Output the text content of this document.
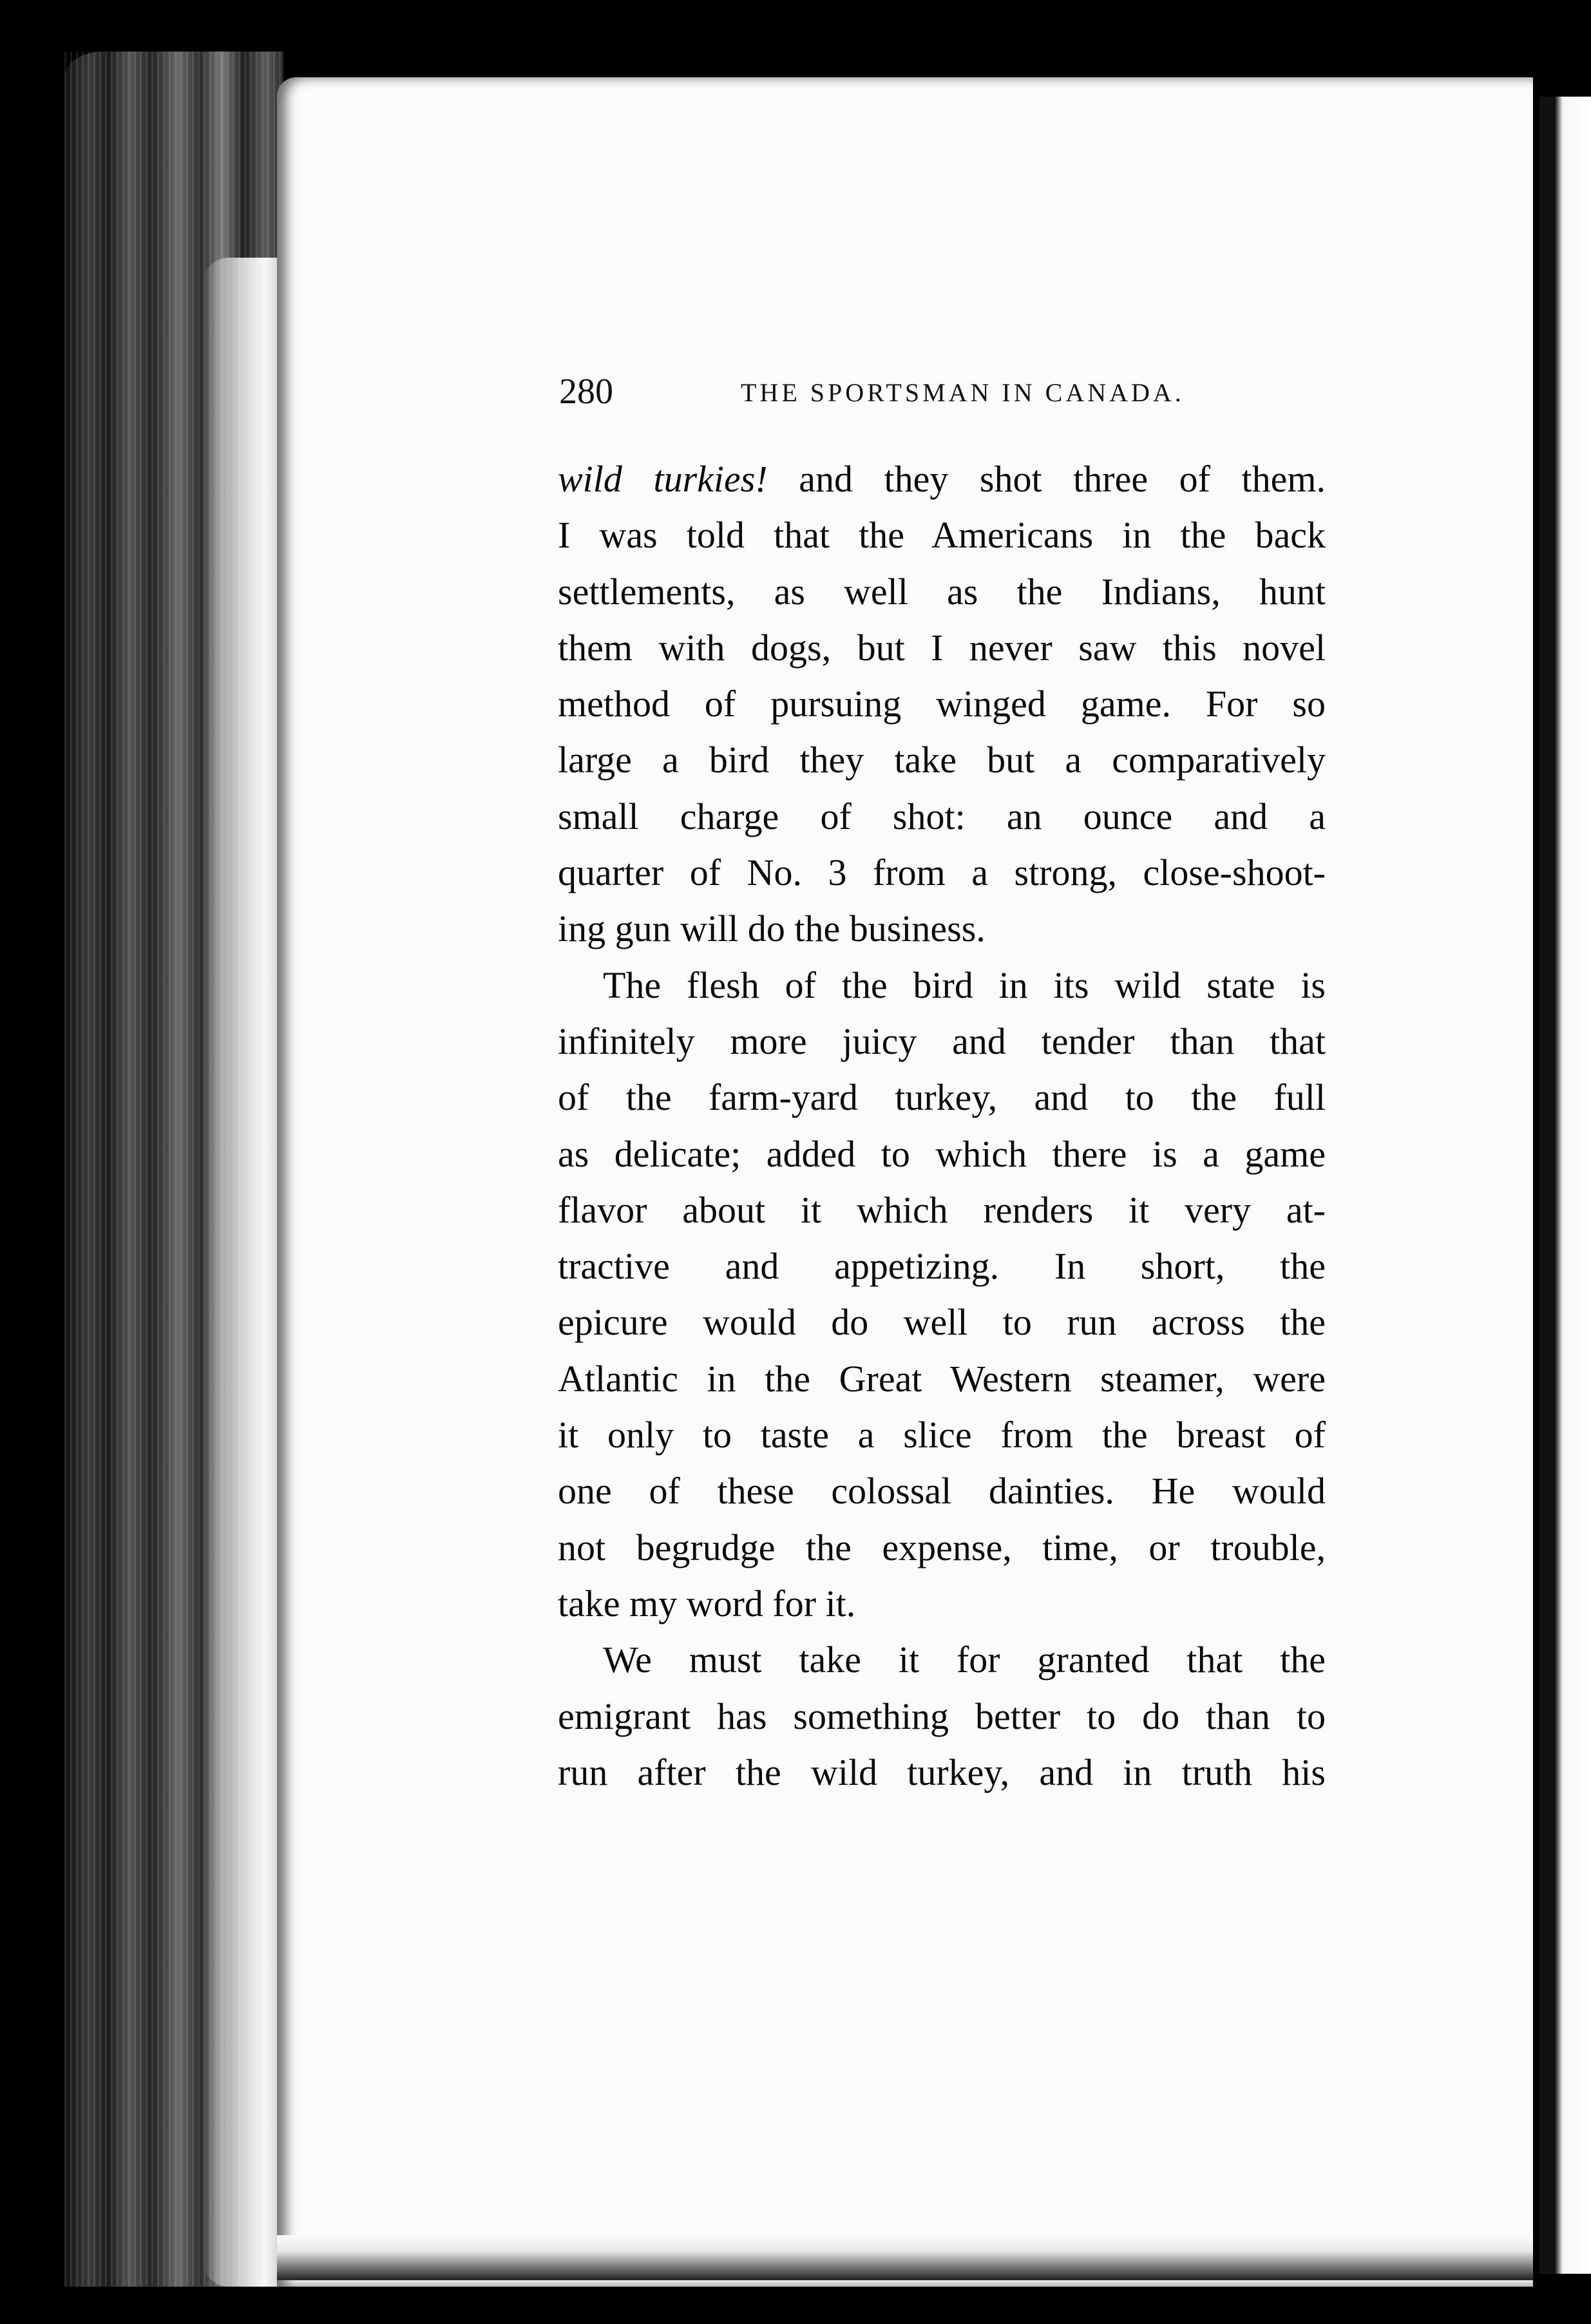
280	THE SPORTSMAN IN CANADA.
wild turkies! and they shot three of them.
I was told that the Americans in the back
settlements, as well as the Indians, hunt
them with dogs, but I never saw this novel
method of pursuing winged game. For so
large a bird they take but a comparatively
small charge of shot: an ounce and a
quarter of No. 3 from a strong, close-shoot-
ing gun will do the business.
The flesh of the bird in its wild state is
infinitely more juicy and tender than that
of the farm-yard turkey, and to the full
as delicate; added to which there is a game
flavor about it which renders it very at-
tractive and appetizing. In short, the
epicure would do well to run across the
Atlantic in the Great Western steamer, were
it only to taste a slice from the breast of
one of these colossal dainties. He would
not begrudge the expense, time, or trouble,
take my word for it.
We must take it for granted that the
emigrant has something better to do than to
run after the wild turkey, and in truth his
